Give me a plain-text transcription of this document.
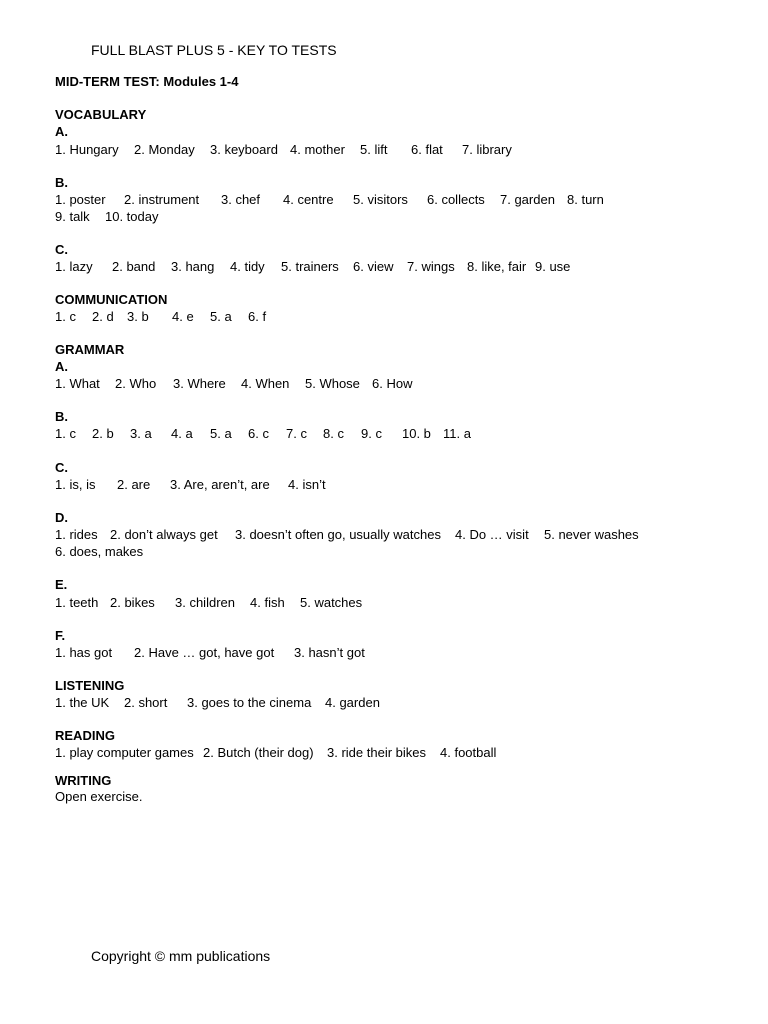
FULL BLAST PLUS 5 - KEY TO TESTS
MID-TERM TEST: Modules 1-4
VOCABULARY
A.
1. Hungary 2. Monday 3. keyboard 4. mother 5. lift 6. flat 7. library
B.
1. poster 2. instrument 3. chef 4. centre 5. visitors 6. collects 7. garden 8. turn
9. talk 10. today
C.
1. lazy 2. band 3. hang 4. tidy 5. trainers 6. view 7. wings 8. like, fair 9. use
COMMUNICATION
1. c 2. d 3. b 4. e 5. a 6. f
GRAMMAR
A.
1. What 2. Who 3. Where 4. When 5. Whose 6. How
B.
1. c 2. b 3. a 4. a 5. a 6. c 7. c 8. c 9. c 10. b 11. a
C.
1. is, is 2. are 3. Are, aren’t, are 4. isn’t
D.
1. rides 2. don’t always get 3. doesn’t often go, usually watches 4. Do … visit 5. never washes
6. does, makes
E.
1. teeth 2. bikes 3. children 4. fish 5. watches
F.
1. has got 2. Have … got, have got 3. hasn’t got
LISTENING
1. the UK 2. short 3. goes to the cinema 4. garden
READING
1. play computer games 2. Butch (their dog) 3. ride their bikes 4. football
WRITING
Open exercise.
Copyright © mm publications
